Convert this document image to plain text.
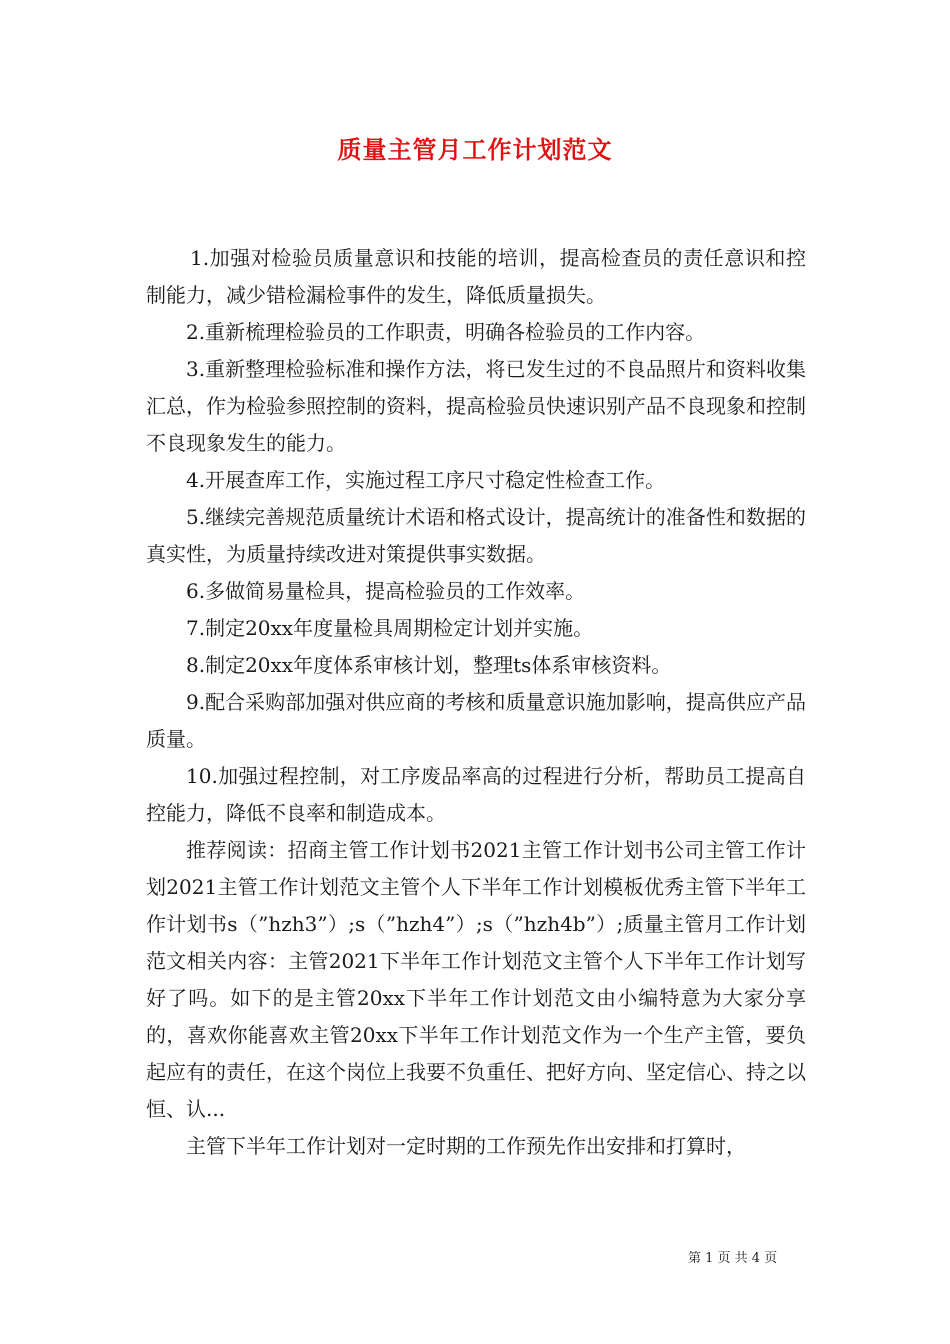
质量主管月工作计划范文

1.加强对检验员质量意识和技能的培训，提高检查员的责任意识和控制能力，减少错检漏检事件的发生，降低质量损失。

2.重新梳理检验员的工作职责，明确各检验员的工作内容。

3.重新整理检验标准和操作方法，将已发生过的不良品照片和资料收集汇总，作为检验参照控制的资料，提高检验员快速识别产品不良现象和控制不良现象发生的能力。

4.开展查库工作，实施过程工序尺寸稳定性检查工作。

5.继续完善规范质量统计术语和格式设计，提高统计的准备性和数据的真实性，为质量持续改进对策提供事实数据。

6.多做简易量检具，提高检验员的工作效率。

7.制定20xx年度量检具周期检定计划并实施。

8.制定20xx年度体系审核计划，整理ts体系审核资料。

9.配合采购部加强对供应商的考核和质量意识施加影响，提高供应产品质量。

10.加强过程控制，对工序废品率高的过程进行分析，帮助员工提高自控能力，降低不良率和制造成本。

推荐阅读：招商主管工作计划书2021主管工作计划书公司主管工作计划2021主管工作计划范文主管个人下半年工作计划模板优秀主管下半年工作计划书s（”hzh3”）;s（”hzh4”）;s（”hzh4b”）;质量主管月工作计划范文相关内容：主管2021下半年工作计划范文主管个人下半年工作计划写好了吗。如下的是主管20xx下半年工作计划范文由小编特意为大家分享的，喜欢你能喜欢主管20xx下半年工作计划范文作为一个生产主管，要负起应有的责任，在这个岗位上我要不负重任、把好方向、坚定信心、持之以恒、认...

主管下半年工作计划对一定时期的工作预先作出安排和打算时，

第 1 页 共 4 页
